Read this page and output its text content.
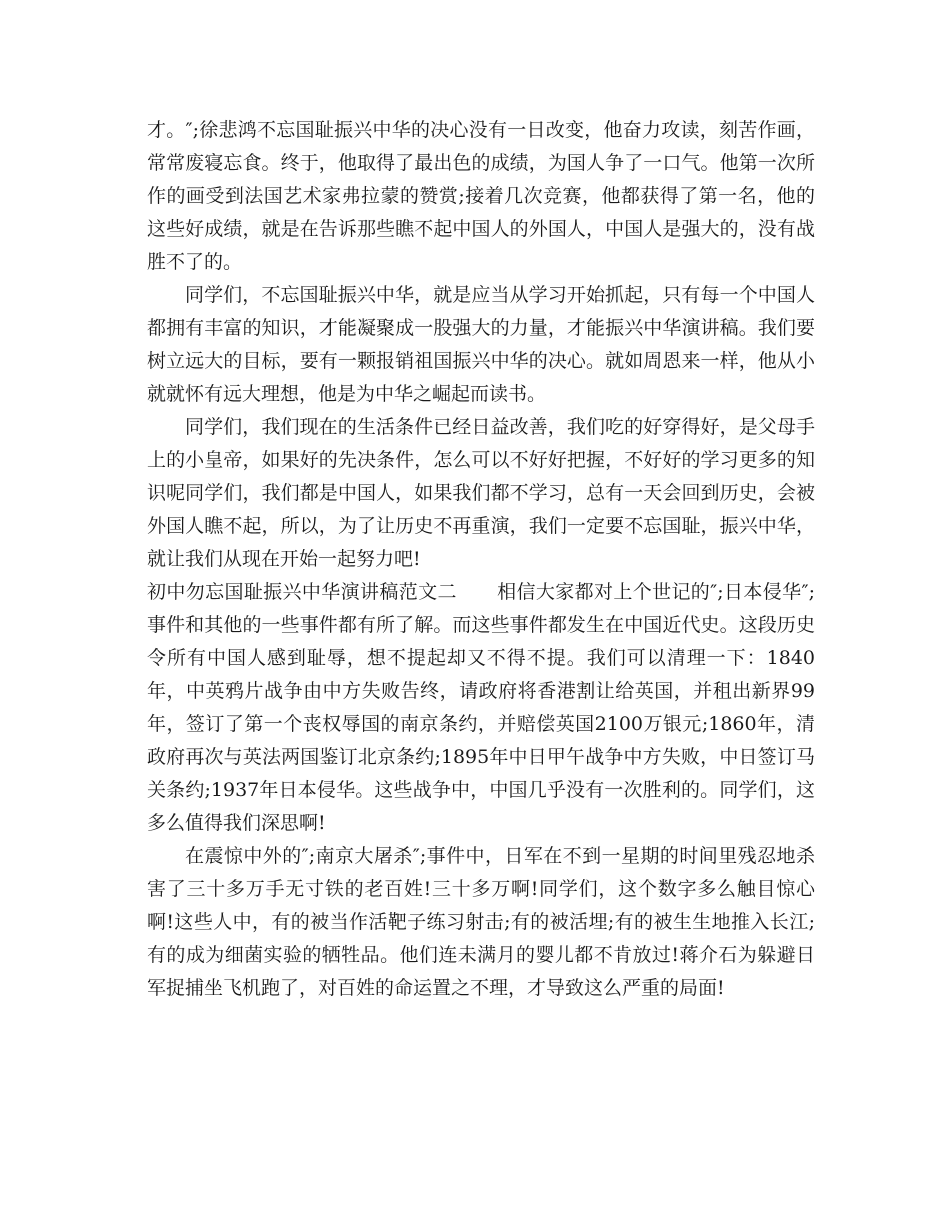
才。″;徐悲鸿不忘国耻振兴中华的决心没有一日改变，他奋力攻读，刻苦作画，常常废寝忘食。终于，他取得了最出色的成绩，为国人争了一口气。他第一次所作的画受到法国艺术家弗拉蒙的赞赏;接着几次竞赛，他都获得了第一名，他的这些好成绩，就是在告诉那些瞧不起中国人的外国人，中国人是强大的，没有战胜不了的。

同学们，不忘国耻振兴中华，就是应当从学习开始抓起，只有每一个中国人都拥有丰富的知识，才能凝聚成一股强大的力量，才能振兴中华演讲稿。我们要树立远大的目标，要有一颗报销祖国振兴中华的决心。就如周恩来一样，他从小就就怀有远大理想，他是为中华之崛起而读书。

同学们，我们现在的生活条件已经日益改善，我们吃的好穿得好，是父母手上的小皇帝，如果好的先决条件，怎么可以不好好把握，不好好的学习更多的知识呢同学们，我们都是中国人，如果我们都不学习，总有一天会回到历史，会被外国人瞧不起，所以，为了让历史不再重演，我们一定要不忘国耻，振兴中华，就让我们从现在开始一起努力吧!

初中勿忘国耻振兴中华演讲稿范文二 相信大家都对上个世记的″;日本侵华″;事件和其他的一些事件都有所了解。而这些事件都发生在中国近代史。这段历史令所有中国人感到耻辱，想不提起却又不得不提。我们可以清理一下：1840年，中英鸦片战争由中方失败告终，请政府将香港割让给英国，并租出新界99年，签订了第一个丧权辱国的南京条约，并赔偿英国2100万银元;1860年，清政府再次与英法两国鉴订北京条约;1895年中日甲午战争中方失败，中日签订马关条约;1937年日本侵华。这些战争中，中国几乎没有一次胜利的。同学们，这多么值得我们深思啊!

在震惊中外的″;南京大屠杀″;事件中，日军在不到一星期的时间里残忍地杀害了三十多万手无寸铁的老百姓!三十多万啊!同学们，这个数字多么触目惊心啊!这些人中，有的被当作活靶子练习射击;有的被活埋;有的被生生地推入长江;有的成为细菌实验的牺牲品。他们连未满月的婴儿都不肯放过!蒋介石为躲避日军捉捕坐飞机跑了，对百姓的命运置之不理，才导致这么严重的局面!
